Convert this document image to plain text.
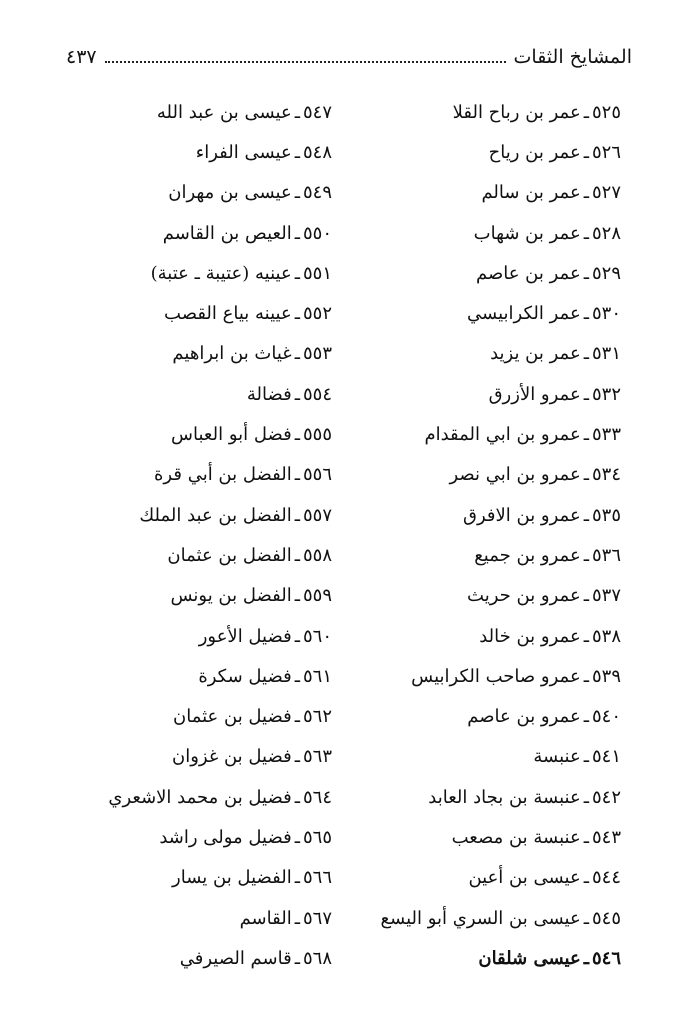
المشايخ الثقات
٤٣٧
٥٢٥
ـ
عمر بن رباح القلا
٥٢٦
ـ
عمر بن رياح
٥٢٧
ـ
عمر بن سالم
٥٢٨
ـ
عمر بن شهاب
٥٢٩
ـ
عمر بن عاصم
٥٣٠
ـ
عمر الكرابيسي
٥٣١
ـ
عمر بن يزيد
٥٣٢
ـ
عمرو الأزرق
٥٣٣
ـ
عمرو بن ابي المقدام
٥٣٤
ـ
عمرو بن ابي نصر
٥٣٥
ـ
عمرو بن الافرق
٥٣٦
ـ
عمرو بن جميع
٥٣٧
ـ
عمرو بن حريث
٥٣٨
ـ
عمرو بن خالد
٥٣٩
ـ
عمرو صاحب الكرابيس
٥٤٠
ـ
عمرو بن عاصم
٥٤١
ـ
عنبسة
٥٤٢
ـ
عنبسة بن بجاد العابد
٥٤٣
ـ
عنبسة بن مصعب
٥٤٤
ـ
عيسى بن أعين
٥٤٥
ـ
عيسى بن السري أبو اليسع
٥٤٦
ـ
عيسى شلقان
٥٤٧
ـ
عيسى بن عبد الله
٥٤٨
ـ
عيسى الفراء
٥٤٩
ـ
عيسى بن مهران
٥٥٠
ـ
العيص بن القاسم
٥٥١
ـ
عينيه (عتيبة ـ عتبة)
٥٥٢
ـ
عيينه بياع القصب
٥٥٣
ـ
غياث بن ابراهيم
٥٥٤
ـ
فضالة
٥٥٥
ـ
فضل أبو العباس
٥٥٦
ـ
الفضل بن أبي قرة
٥٥٧
ـ
الفضل بن عبد الملك
٥٥٨
ـ
الفضل بن عثمان
٥٥٩
ـ
الفضل بن يونس
٥٦٠
ـ
فضيل الأعور
٥٦١
ـ
فضيل سكرة
٥٦٢
ـ
فضيل بن عثمان
٥٦٣
ـ
فضيل بن غزوان
٥٦٤
ـ
فضيل بن محمد الاشعري
٥٦٥
ـ
فضيل مولى راشد
٥٦٦
ـ
الفضيل بن يسار
٥٦٧
ـ
القاسم
٥٦٨
ـ
قاسم الصيرفي
